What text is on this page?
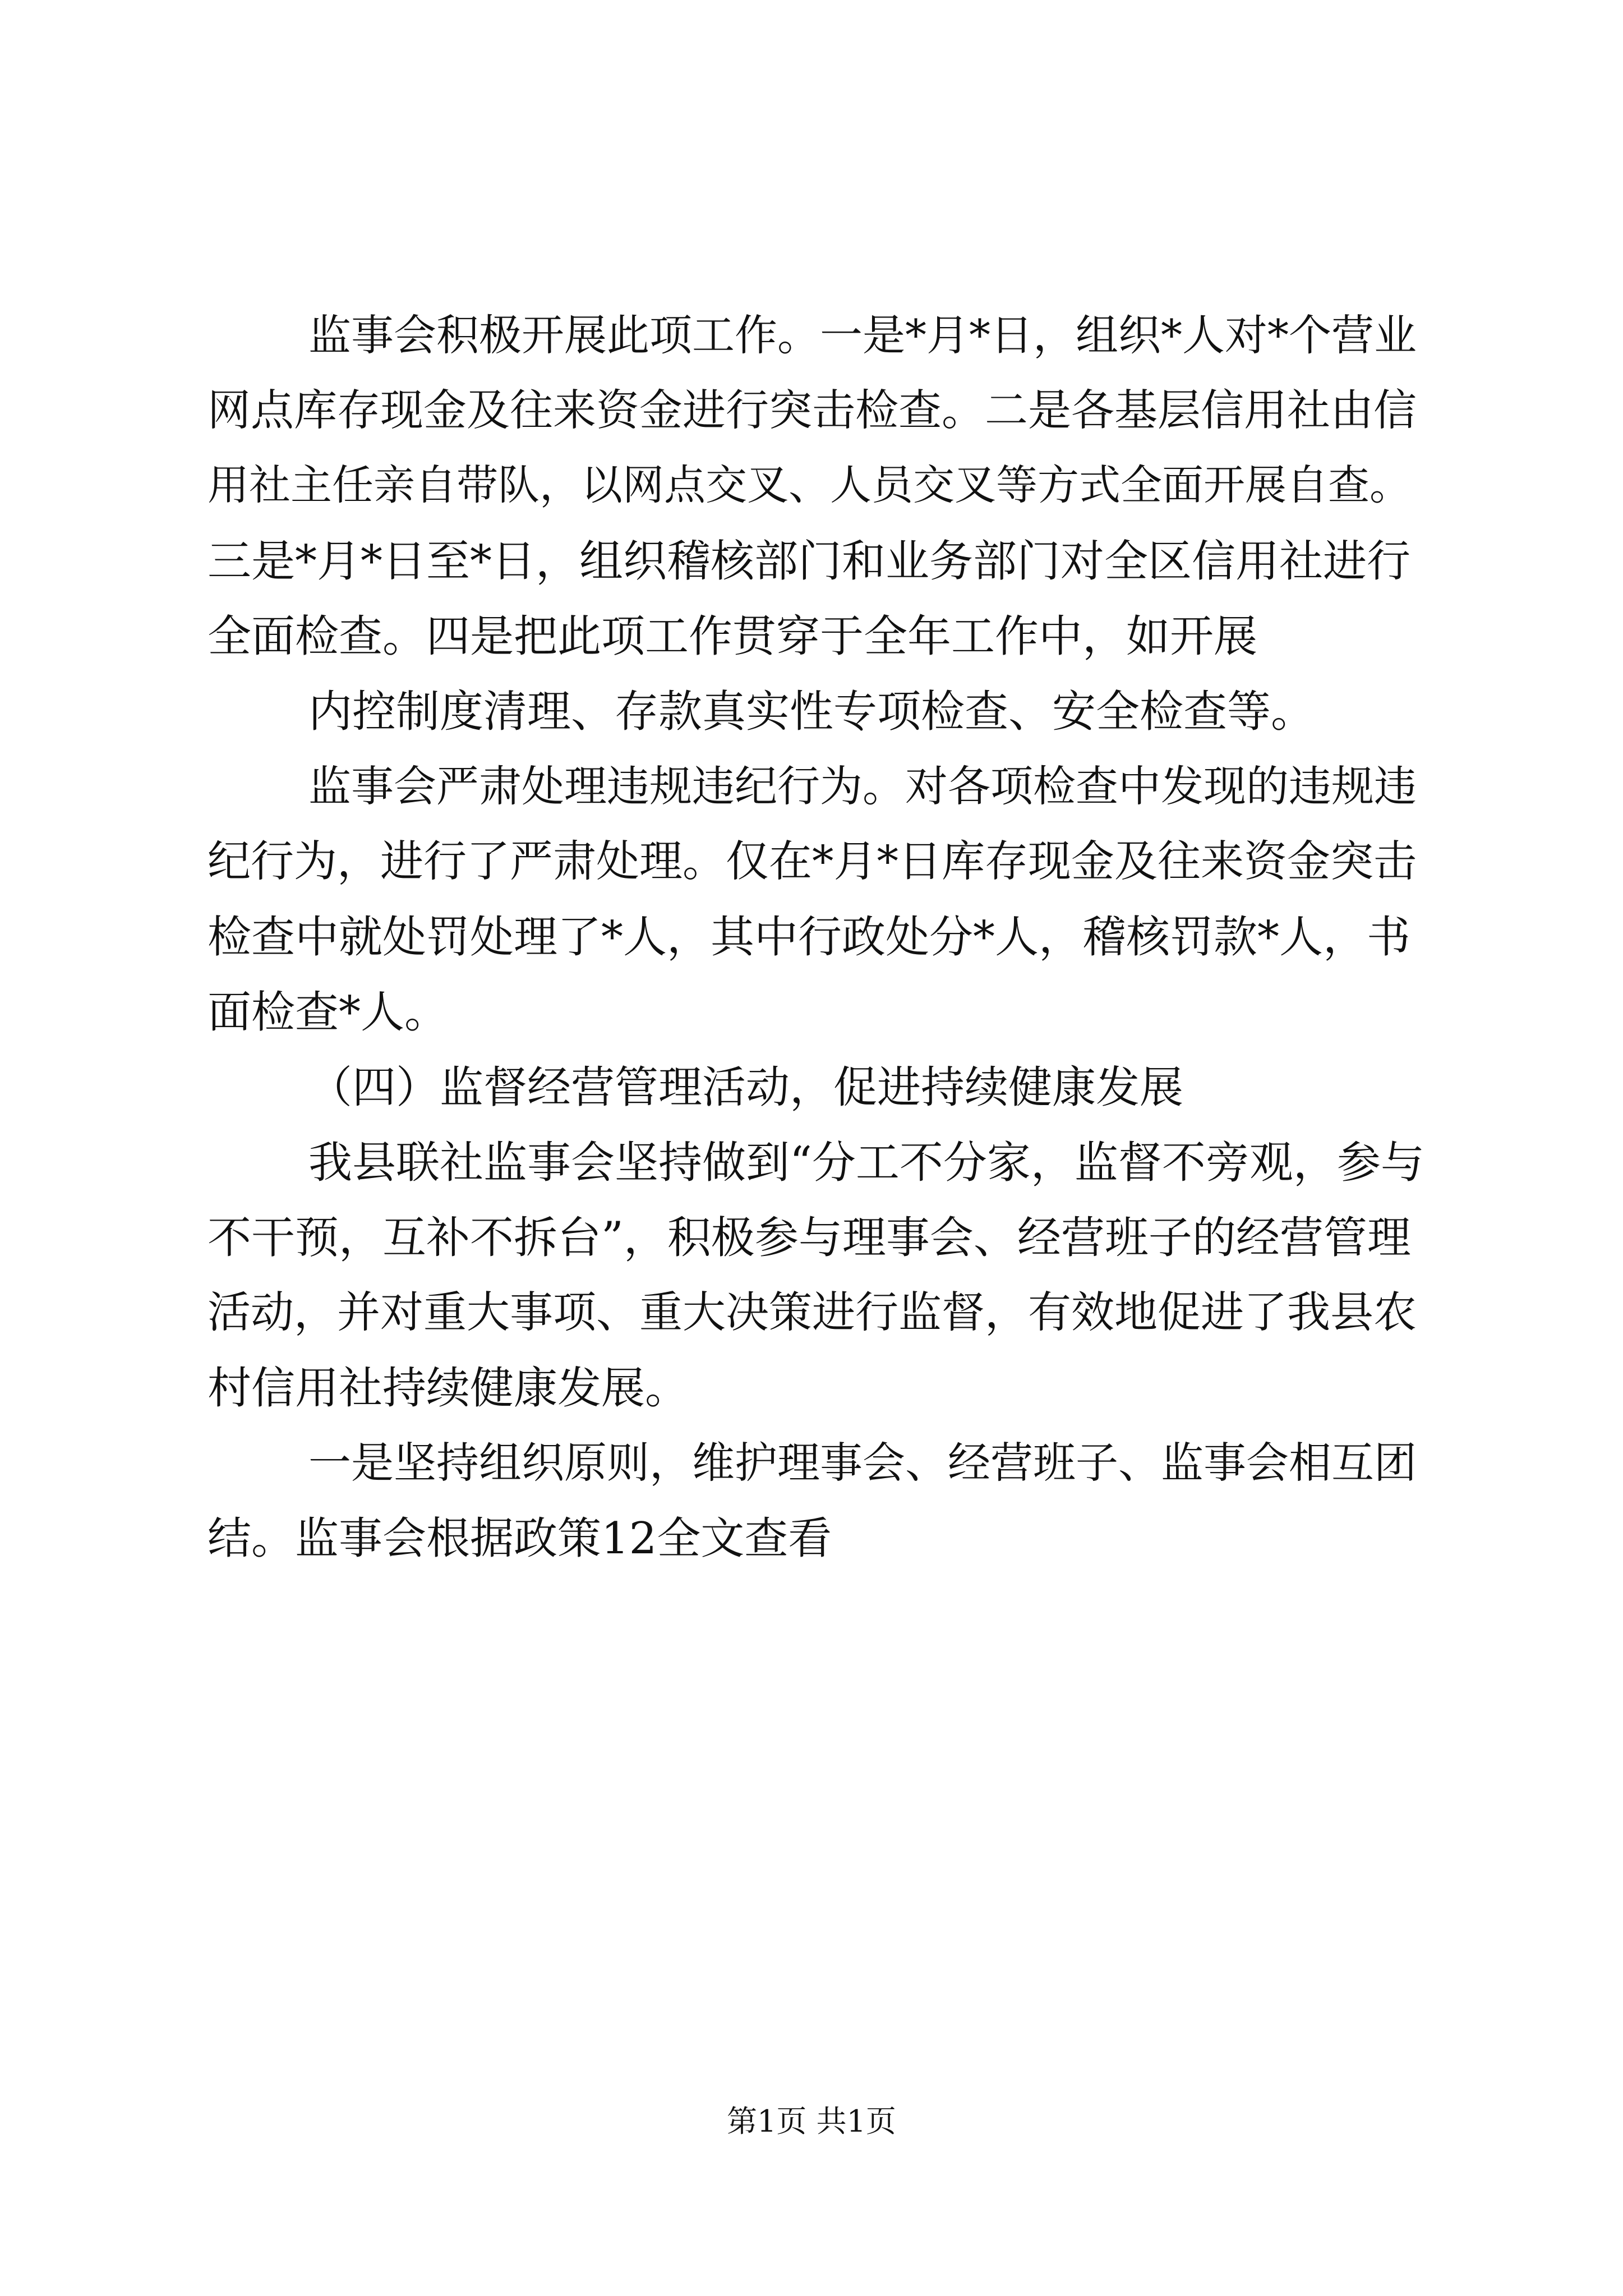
监事会积极开展此项工作。一是*月*日，组织*人对*个营业
网点库存现金及往来资金进行突击检查。二是各基层信用社由信
用社主任亲自带队，以网点交叉、人员交叉等方式全面开展自查。
三是*月*日至*日，组织稽核部门和业务部门对全区信用社进行
全面检查。四是把此项工作贯穿于全年工作中，如开展
内控制度清理、存款真实性专项检查、安全检查等。
监事会严肃处理违规违纪行为。对各项检查中发现的违规违
纪行为，进行了严肃处理。仅在*月*日库存现金及往来资金突击
检查中就处罚处理了*人，其中行政处分*人，稽核罚款*人，书
面检查*人。
（四）监督经营管理活动，促进持续健康发展
我县联社监事会坚持做到“分工不分家，监督不旁观，参与
不干预，互补不拆台”，积极参与理事会、经营班子的经营管理
活动，并对重大事项、重大决策进行监督，有效地促进了我县农
村信用社持续健康发展。
一是坚持组织原则，维护理事会、经营班子、监事会相互团
结。监事会根据政策12全文查看
第1页 共1页
